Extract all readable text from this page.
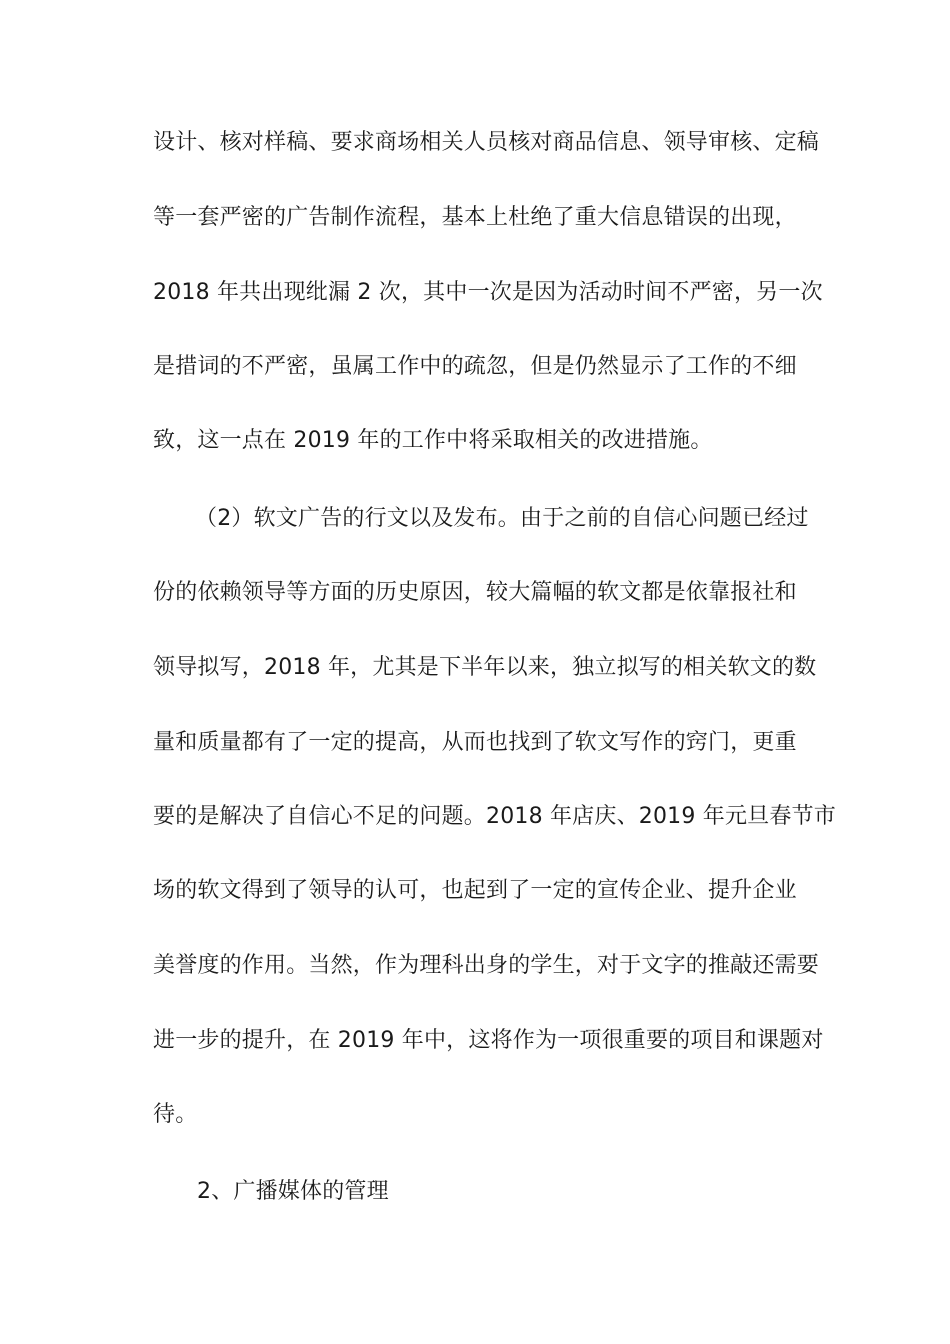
设计、核对样稿、要求商场相关人员核对商品信息、领导审核、定稿
等一套严密的广告制作流程，基本上杜绝了重大信息错误的出现，
2018 年共出现纰漏 2 次，其中一次是因为活动时间不严密，另一次
是措词的不严密，虽属工作中的疏忽，但是仍然显示了工作的不细
致，这一点在 2019 年的工作中将采取相关的改进措施。
（2）软文广告的行文以及发布。由于之前的自信心问题已经过
份的依赖领导等方面的历史原因，较大篇幅的软文都是依靠报社和
领导拟写，2018 年，尤其是下半年以来，独立拟写的相关软文的数
量和质量都有了一定的提高，从而也找到了软文写作的窍门，更重
要的是解决了自信心不足的问题。2018 年店庆、2019 年元旦春节市
场的软文得到了领导的认可，也起到了一定的宣传企业、提升企业
美誉度的作用。当然，作为理科出身的学生，对于文字的推敲还需要
进一步的提升，在 2019 年中，这将作为一项很重要的项目和课题对
待。
2、广播媒体的管理
